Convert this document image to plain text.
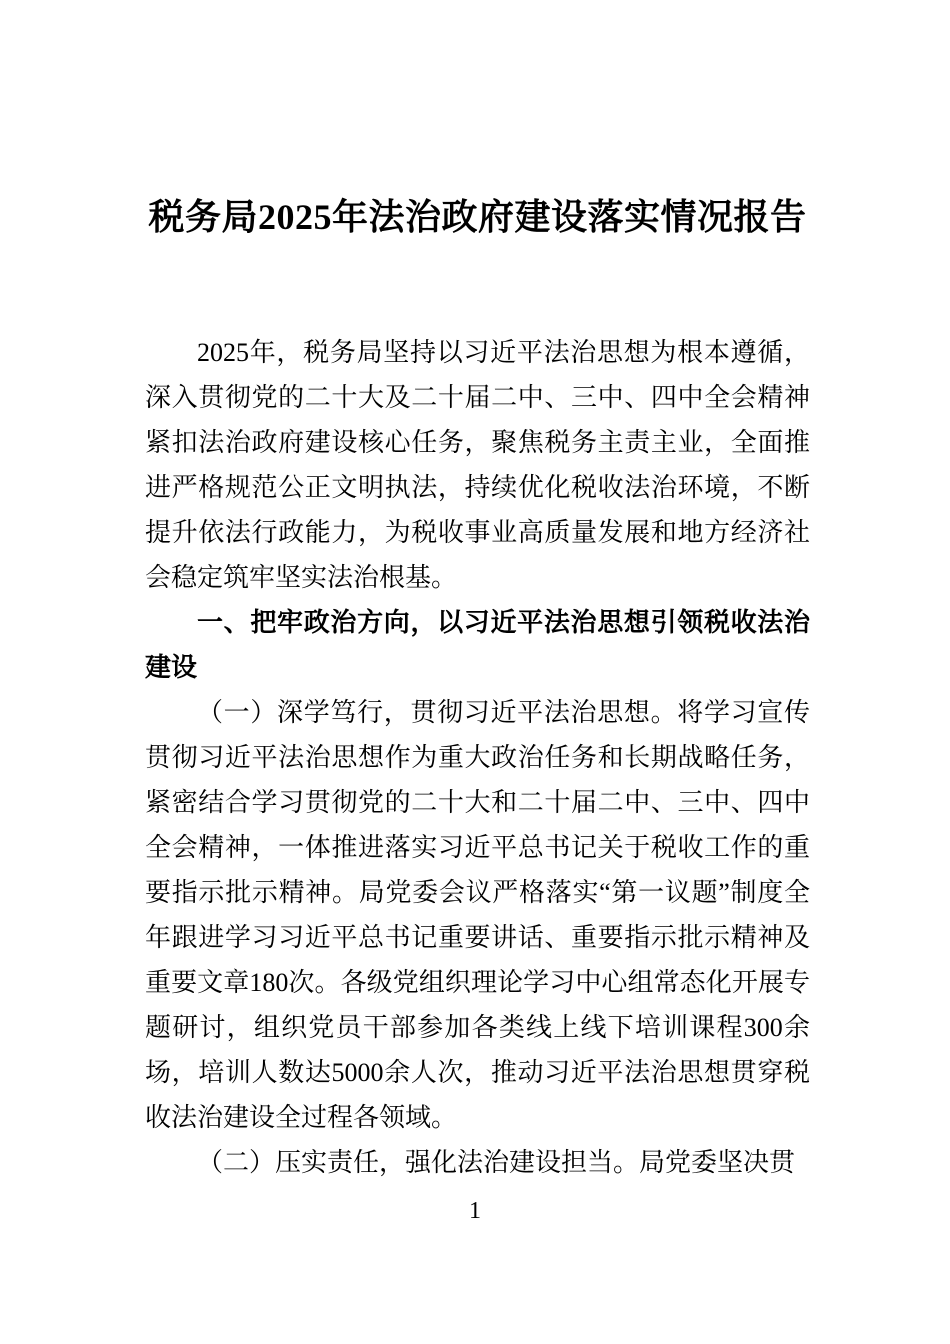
税务局2025年法治政府建设落实情况报告

2025年，税务局坚持以习近平法治思想为根本遵循，深入贯彻党的二十大及二十届二中、三中、四中全会精神紧扣法治政府建设核心任务，聚焦税务主责主业，全面推进严格规范公正文明执法，持续优化税收法治环境，不断提升依法行政能力，为税收事业高质量发展和地方经济社会稳定筑牢坚实法治根基。

一、把牢政治方向，以习近平法治思想引领税收法治建设

（一）深学笃行，贯彻习近平法治思想。将学习宣传贯彻习近平法治思想作为重大政治任务和长期战略任务，紧密结合学习贯彻党的二十大和二十届二中、三中、四中全会精神，一体推进落实习近平总书记关于税收工作的重要指示批示精神。局党委会议严格落实“第一议题”制度全年跟进学习习近平总书记重要讲话、重要指示批示精神及重要文章180次。各级党组织理论学习中心组常态化开展专题研讨，组织党员干部参加各类线上线下培训课程300余场，培训人数达5000余人次，推动习近平法治思想贯穿税收法治建设全过程各领域。

（二）压实责任，强化法治建设担当。局党委坚决贯

1
